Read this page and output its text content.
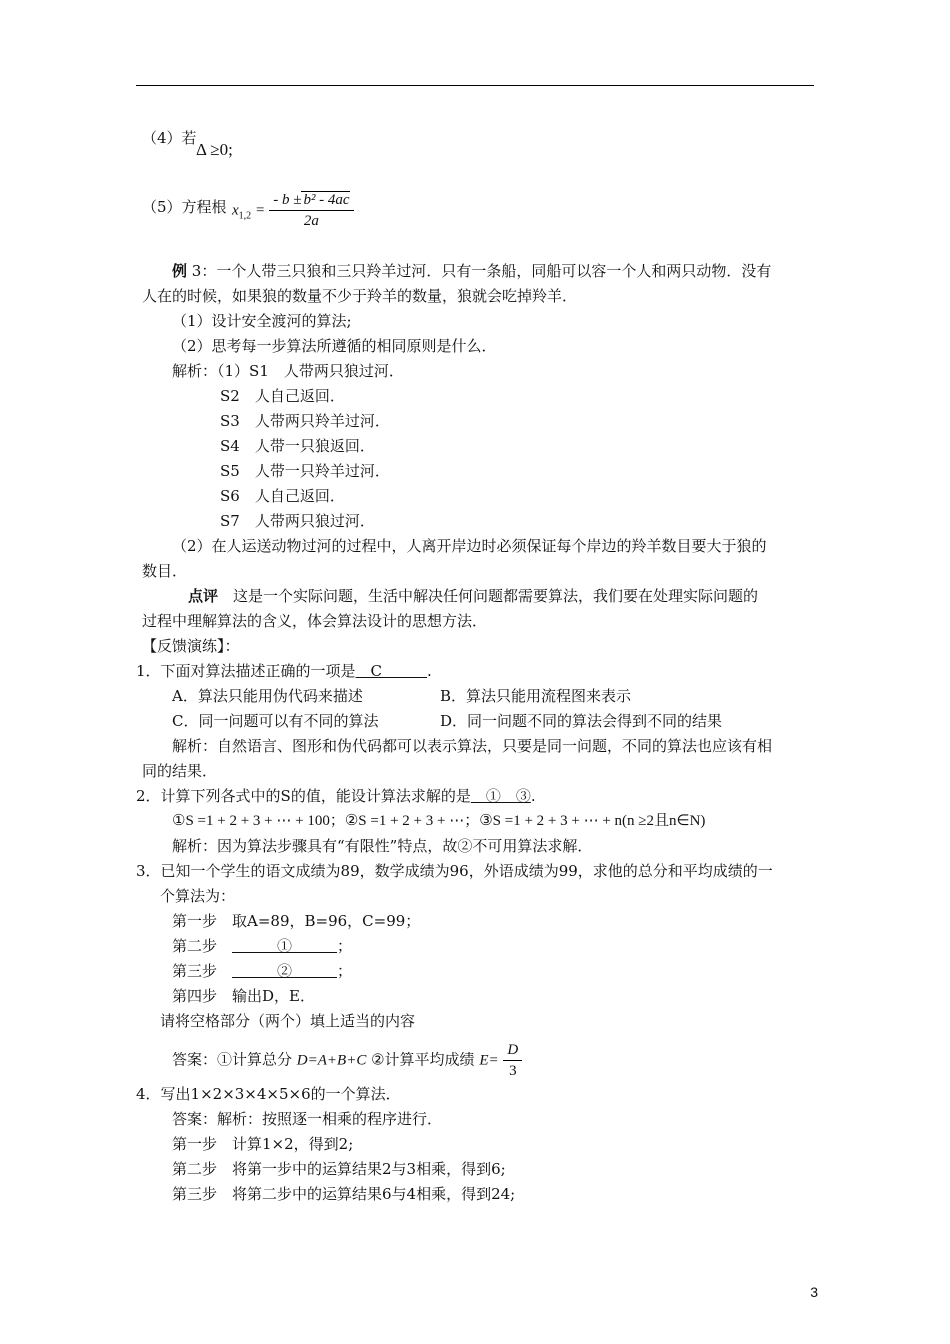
（4）若
Δ ≥0;
（5）方程根 $x_{1,2} = \frac{\text{- b ± b² - 4ac}}{2a}$
例 3：一个人带三只狼和三只羚羊过河．只有一条船，同船可以容一个人和两只动物．没有
人在的时候，如果狼的数量不少于羚羊的数量，狼就会吃掉羚羊．
（1）设计安全渡河的算法;
（2）思考每一步算法所遵循的相同原则是什么．
解析：（1）S1　人带两只狼过河．
S2　人自己返回．
S3　人带两只羚羊过河．
S4　人带一只狼返回．
S5　人带一只羚羊过河．
S6　人自己返回．
S7　人带两只狼过河．
（2）在人运送动物过河的过程中，人离开岸边时必须保证每个岸边的羚羊数目要大于狼的
数目．
点评　这是一个实际问题，生活中解决任何问题都需要算法，我们要在处理实际问题的
过程中理解算法的含义，体会算法设计的思想方法．
【反馈演练】：
1．下面对算法描述正确的一项是　C　　　.
A．算法只能用伪代码来描述	B．算法只能用流程图来表示
C．同一问题可以有不同的算法	D．同一问题不同的算法会得到不同的结果
解析：自然语言、图形和伪代码都可以表示算法，只要是同一问题，不同的算法也应该有相
同的结果．
2．计算下列各式中的S的值，能设计算法求解的是　①　③.
①S =1 + 2 + 3 + ⋯ + 100；②S =1 + 2 + 3 + ⋯；③S =1 + 2 + 3 + ⋯ + n(n ≥2且n∈N)
解析：因为算法步骤具有“有限性”特点，故②不可用算法求解．
3．已知一个学生的语文成绩为89，数学成绩为96，外语成绩为99，求他的总分和平均成绩的一
个算法为：
第一步　取A=89，B=96，C=99；
第二步　　　　①　　　；
第三步　　　　②　　　；
第四步　输出D，E．
请将空格部分（两个）填上适当的内容
答案：①计算总分 D=A+B+C ②计算平均成绩 $E= \frac{D}{3}$
4．写出1×2×3×4×5×6的一个算法．
答案：解析：按照逐一相乘的程序进行．
第一步　计算1×2，得到2;
第二步　将第一步中的运算结果2与3相乘，得到6;
第三步　将第二步中的运算结果6与4相乘，得到24;
3
